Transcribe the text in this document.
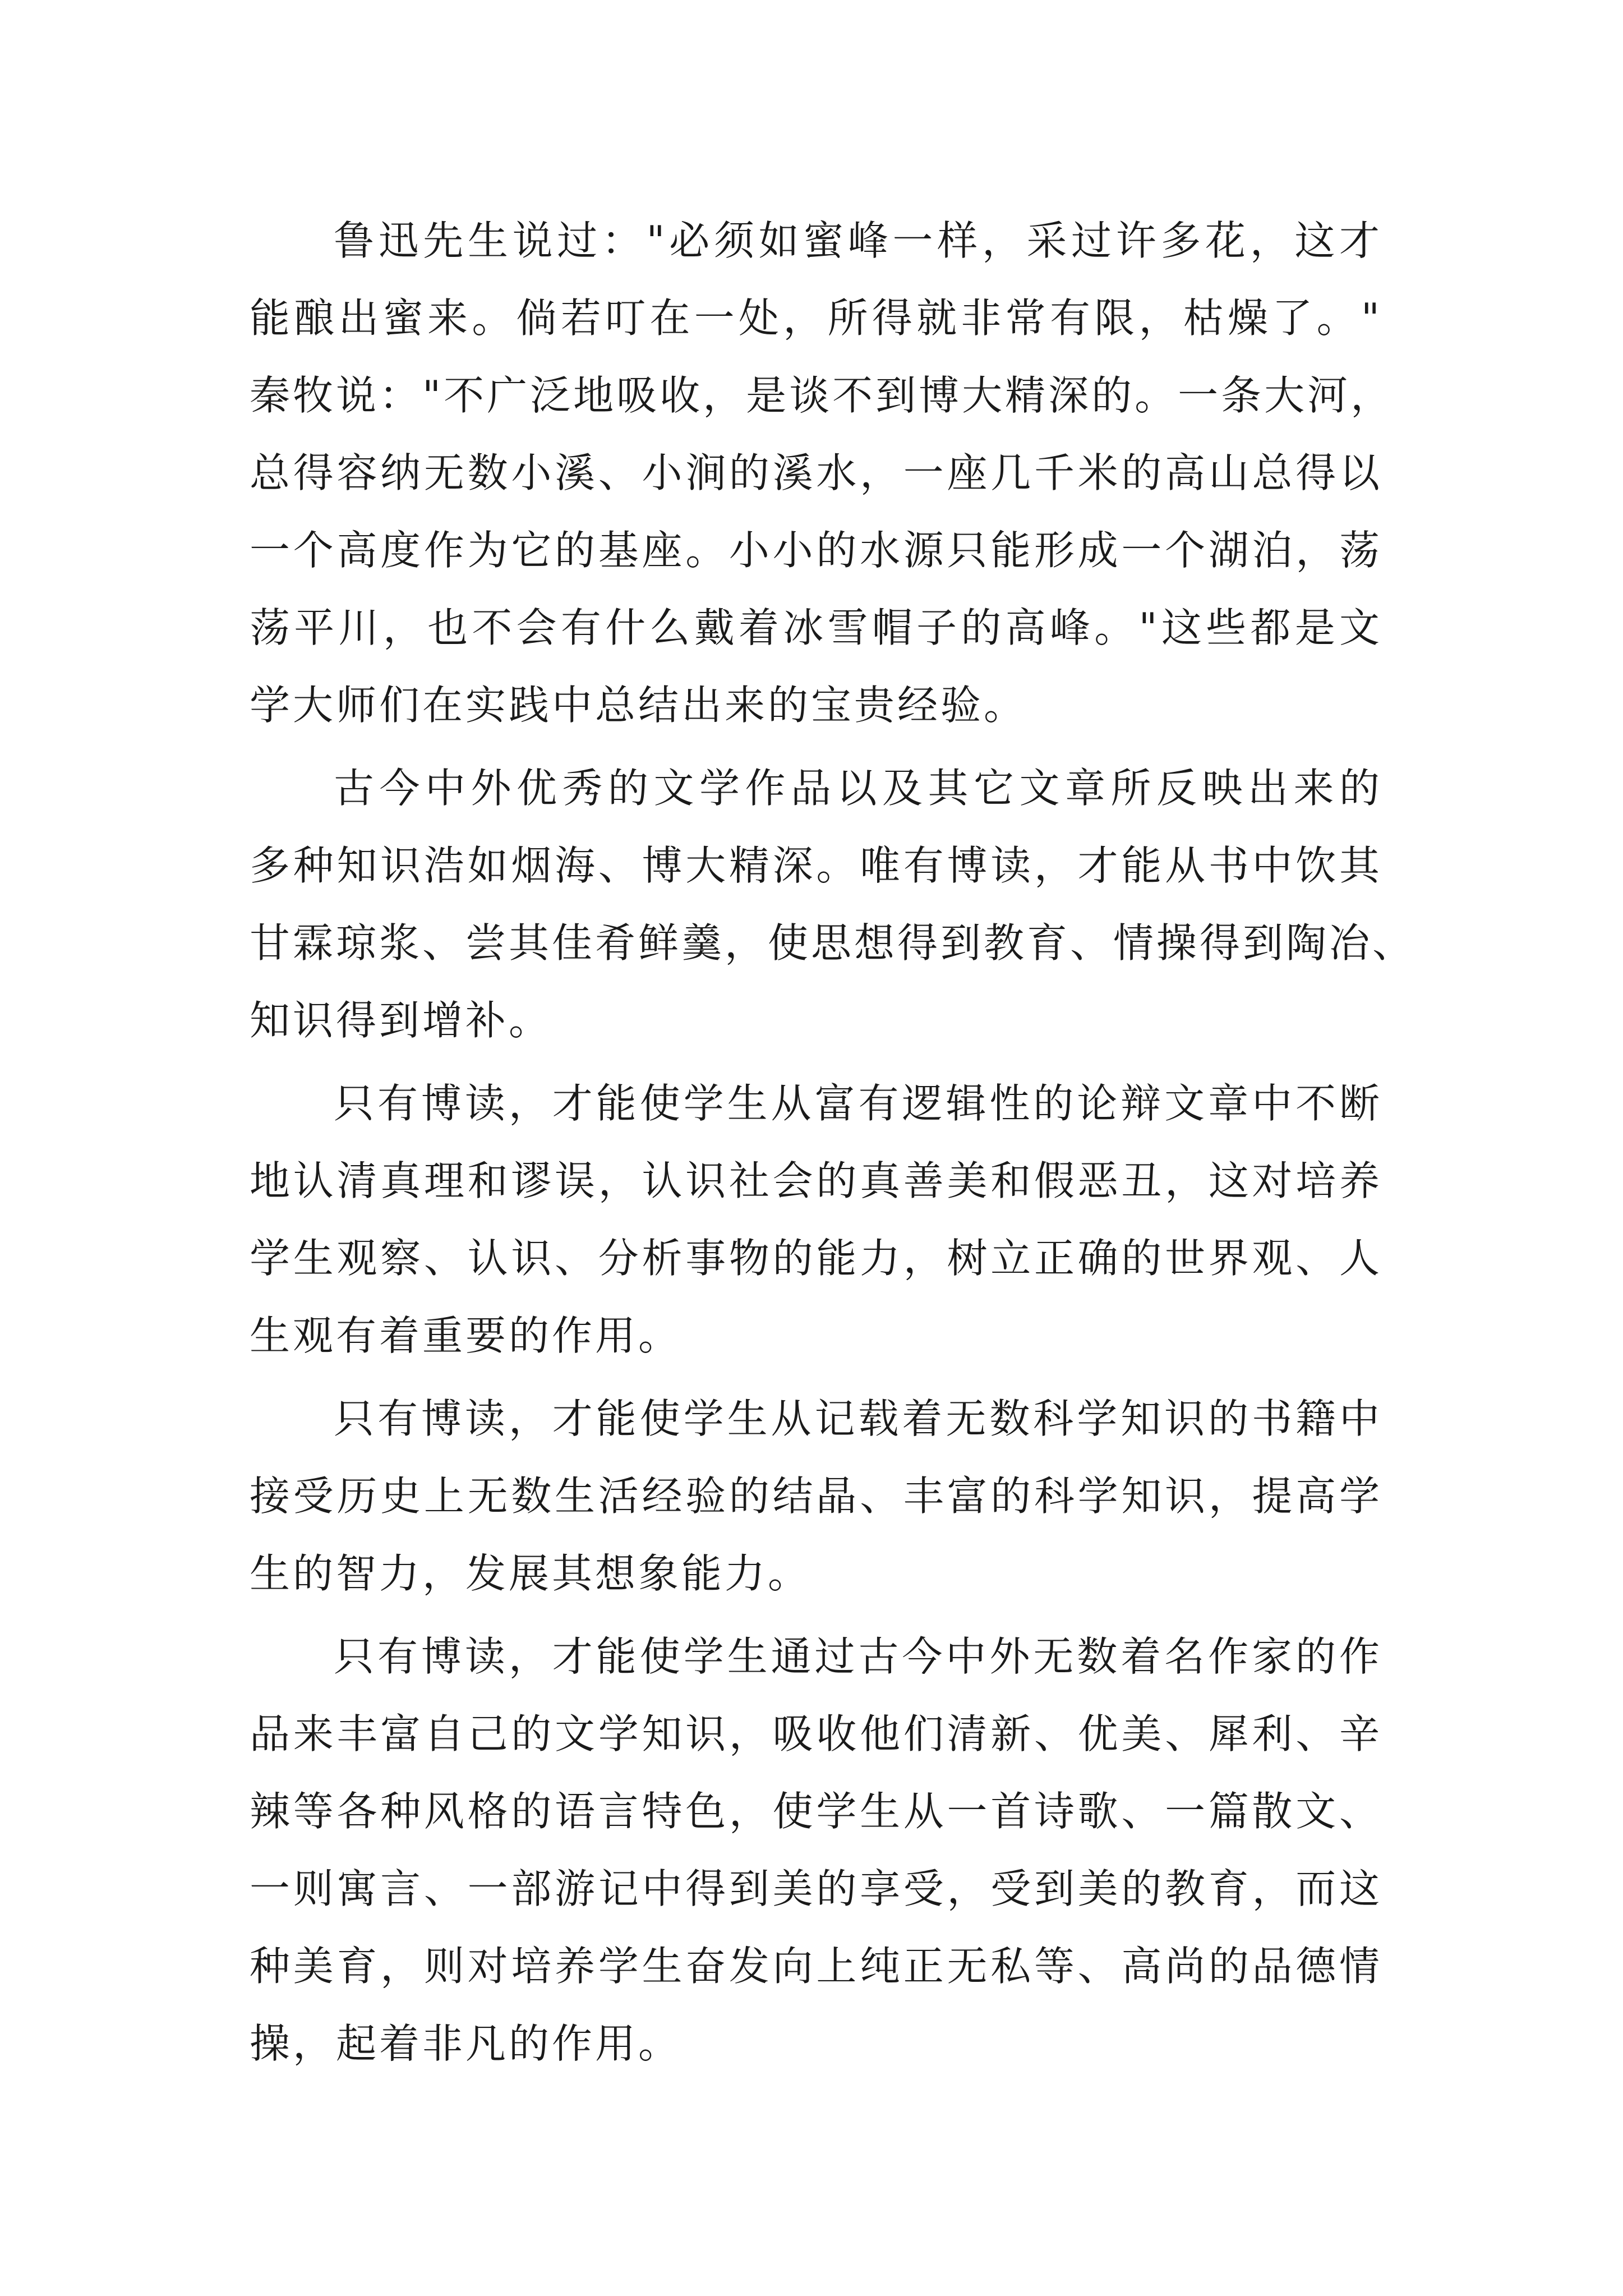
鲁迅先生说过："必须如蜜峰一样，采过许多花，这才
能酿出蜜来。倘若叮在一处，所得就非常有限，枯燥了。"
秦牧说："不广泛地吸收，是谈不到博大精深的。一条大河，
总得容纳无数小溪、小涧的溪水，一座几千米的高山总得以
一个高度作为它的基座。小小的水源只能形成一个湖泊，荡
荡平川，也不会有什么戴着冰雪帽子的高峰。"这些都是文
学大师们在实践中总结出来的宝贵经验。
古今中外优秀的文学作品以及其它文章所反映出来的
多种知识浩如烟海、博大精深。唯有博读，才能从书中饮其
甘霖琼浆、尝其佳肴鲜羹，使思想得到教育、情操得到陶冶、
知识得到增补。
只有博读，才能使学生从富有逻辑性的论辩文章中不断
地认清真理和谬误，认识社会的真善美和假恶丑，这对培养
学生观察、认识、分析事物的能力，树立正确的世界观、人
生观有着重要的作用。
只有博读，才能使学生从记载着无数科学知识的书籍中
接受历史上无数生活经验的结晶、丰富的科学知识，提高学
生的智力，发展其想象能力。
只有博读，才能使学生通过古今中外无数着名作家的作
品来丰富自己的文学知识，吸收他们清新、优美、犀利、辛
辣等各种风格的语言特色，使学生从一首诗歌、一篇散文、
一则寓言、一部游记中得到美的享受，受到美的教育，而这
种美育，则对培养学生奋发向上纯正无私等、高尚的品德情
操，起着非凡的作用。
